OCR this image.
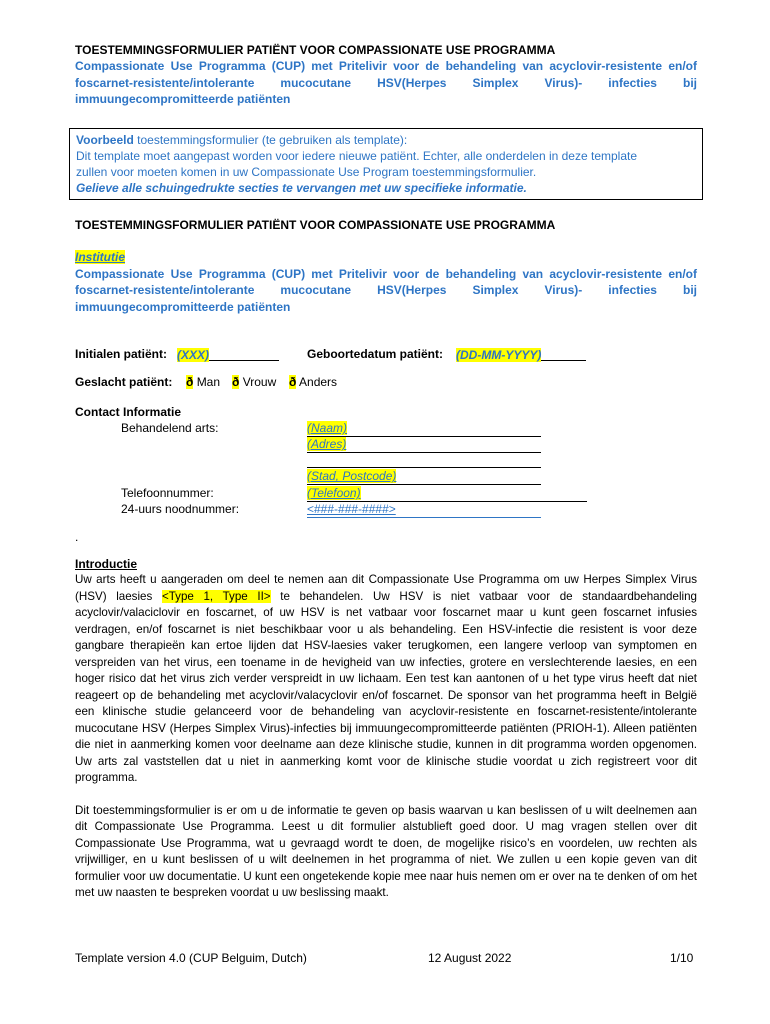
TOESTEMMINGSFORMULIER PATIËNT VOOR COMPASSIONATE USE PROGRAMMA
Compassionate Use Programma (CUP) met Pritelivir voor de behandeling van acyclovir-resistente en/of
foscarnet-resistente/intolerante mucocutane HSV(Herpes Simplex Virus)- infecties bij
immuungecompromitteerde patiënten
Voorbeeld toestemmingsformulier (te gebruiken als template):
Dit template moet aangepast worden voor iedere nieuwe patiënt. Echter, alle onderdelen in deze template
zullen voor moeten komen in uw Compassionate Use Program toestemmingsformulier.
Gelieve alle schuingedrukte secties te vervangen met uw specifieke informatie.
TOESTEMMINGSFORMULIER PATIËNT VOOR COMPASSIONATE USE PROGRAMMA
Institutie
Compassionate Use Programma (CUP) met Pritelivir voor de behandeling van acyclovir-resistente en/of
foscarnet-resistente/intolerante mucocutane HSV(Herpes Simplex Virus)- infecties bij
immuungecompromitteerde patiënten
Initialen patiënt: (XXX)	Geboortedatum patiënt: (DD-MM-YYYY)
Geslacht patiënt: ð Man ð Vrouw ð Anders
Contact Informatie
Behandelend arts:	(Naam)
(Adres)
(Stad, Postcode)
Telefoonnummer:	(Telefoon)
24-uurs noodnummer:	<###-###-####>
.
Introductie
Uw arts heeft u aangeraden om deel te nemen aan dit Compassionate Use Programma om uw Herpes Simplex Virus (HSV) laesies <Type 1, Type II> te behandelen. Uw HSV is niet vatbaar voor de standaardbehandeling acyclovir/valaciclovir en foscarnet, of uw HSV is net vatbaar voor foscarnet maar u kunt geen foscarnet infusies verdragen, en/of foscarnet is niet beschikbaar voor u als behandeling. Een HSV-infectie die resistent is voor deze gangbare therapieën kan ertoe lijden dat HSV-laesies vaker terugkomen, een langere verloop van symptomen en verspreiden van het virus, een toename in de hevigheid van uw infecties, grotere en verslechterende laesies, en een hoger risico dat het virus zich verder verspreidt in uw lichaam. Een test kan aantonen of u het type virus heeft dat niet reageert op de behandeling met acyclovir/valacyclovir en/of foscarnet. De sponsor van het programma heeft in België een klinische studie gelanceerd voor de behandeling van acyclovir-resistente en foscarnet-resistente/intolerante mucocutane HSV (Herpes Simplex Virus)-infecties bij immuungecompromitteerde patiënten (PRIOH-1). Alleen patiënten die niet in aanmerking komen voor deelname aan deze klinische studie, kunnen in dit programma worden opgenomen. Uw arts zal vaststellen dat u niet in aanmerking komt voor de klinische studie voordat u zich registreert voor dit programma.
Dit toestemmingsformulier is er om u de informatie te geven op basis waarvan u kan beslissen of u wilt deelnemen aan dit Compassionate Use Programma. Leest u dit formulier alstublieft goed door. U mag vragen stellen over dit Compassionate Use Programma, wat u gevraagd wordt te doen, de mogelijke risico’s en voordelen, uw rechten als vrijwilliger, en u kunt beslissen of u wilt deelnemen in het programma of niet. We zullen u een kopie geven van dit formulier voor uw documentatie. U kunt een ongetekende kopie mee naar huis nemen om er over na te denken of om het met uw naasten te bespreken voordat u uw beslissing maakt.
Template version 4.0 (CUP Belguim, Dutch)	12 August 2022	1/10
